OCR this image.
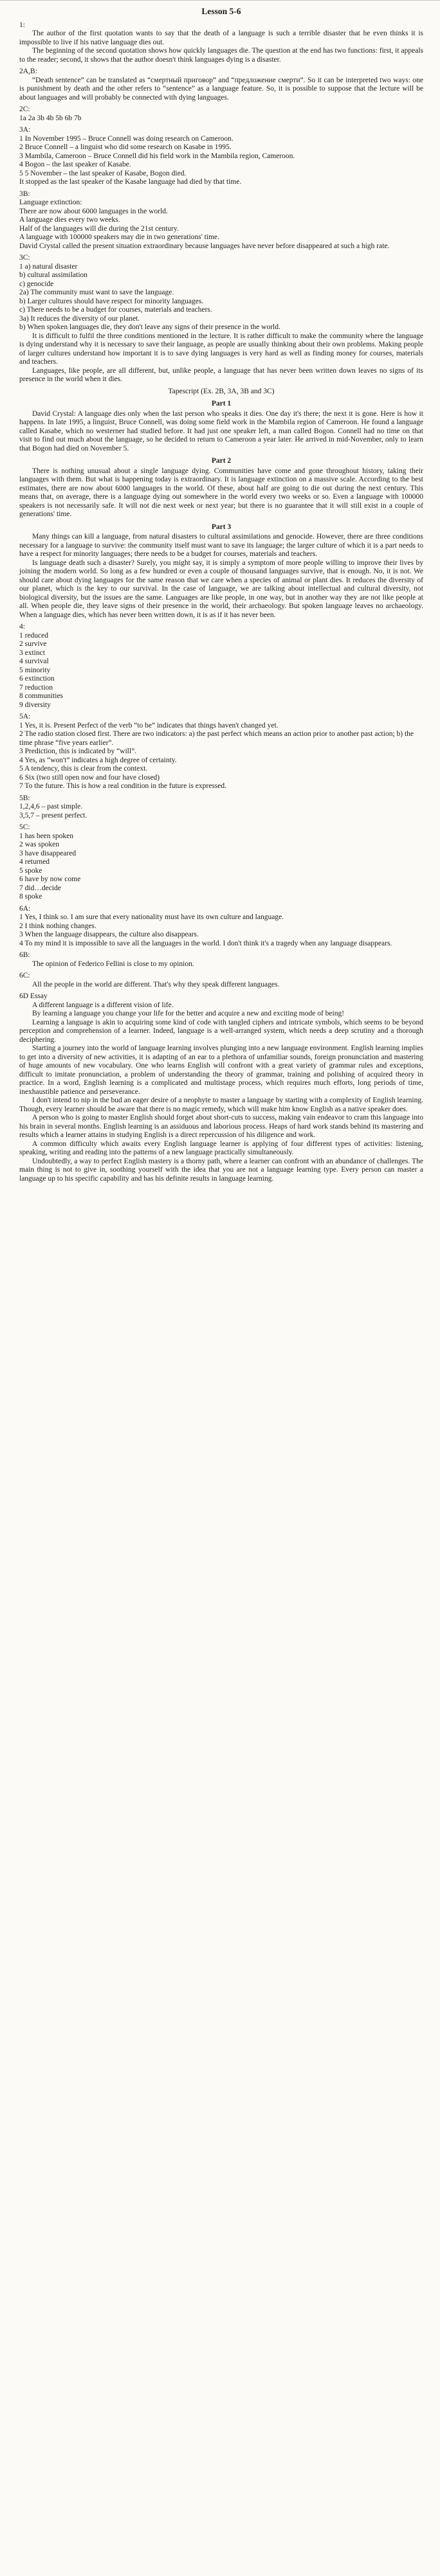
Lesson 5-6
1:
The author of the first quotation wants to say that the death of a language is such a terrible disaster that he even thinks it is impossible to live if his native language dies out.
The beginning of the second quotation shows how quickly languages die. The question at the end has two functions: first, it appeals to the reader; second, it shows that the author doesn't think languages dying is a disaster.
2A,B:
“Death sentence” can be translated as “смертный приговор” and “предложение смерти”. So it can be interpreted two ways: one is punishment by death and the other refers to “sentence” as a language feature. So, it is possible to suppose that the lecture will be about languages and will probably be connected with dying languages.
2C:
1a 2a 3b 4b 5b 6b 7b
3A:
1 In November 1995 – Bruce Connell was doing research on Cameroon.
2 Bruce Connell – a linguist who did some research on Kasabe in 1995.
3 Mambila, Cameroon – Bruce Connell did his field work in the Mambila region, Cameroon.
4 Bogon – the last speaker of Kasabe.
5 5 November – the last speaker of Kasabe, Bogon died.
It stopped as the last speaker of the Kasabe language had died by that time.
3B:
Language extinction:
There are now about 6000 languages in the world.
A language dies every two weeks.
Half of the languages will die during the 21st century.
A language with 100000 speakers may die in two generations' time.
David Crystal called the present situation extraordinary because languages have never before disappeared at such a high rate.
3C:
1 a) natural disaster
b) cultural assimilation
c) genocide
2a) The community must want to save the language.
b) Larger cultures should have respect for minority languages.
c) There needs to be a budget for courses, materials and teachers.
3a) It reduces the diversity of our planet.
b) When spoken languages die, they don't leave any signs of their presence in the world.
It is difficult to fulfil the three conditions mentioned in the lecture. It is rather difficult to make the community where the language is dying understand why it is necessary to save their language, as people are usually thinking about their own problems. Making people of larger cultures understand how important it is to save dying languages is very hard as well as finding money for courses, materials and teachers.
Languages, like people, are all different, but, unlike people, a language that has never been written down leaves no signs of its presence in the world when it dies.
Tapescript (Ex. 2B, 3A, 3B and 3C)
Part 1
David Crystal: A language dies only when the last person who speaks it dies. One day it's there; the next it is gone. Here is how it happens. In late 1995, a linguist, Bruce Connell, was doing some field work in the Mambila region of Cameroon. He found a language called Kasabe, which no westerner had studied before. It had just one speaker left, a man called Bogon. Connell had no time on that visit to find out much about the language, so he decided to return to Cameroon a year later. He arrived in mid-November, only to learn that Bogon had died on November 5.
Part 2
There is nothing unusual about a single language dying. Communities have come and gone throughout history, taking their languages with them. But what is happening today is extraordinary. It is language extinction on a massive scale. According to the best estimates, there are now about 6000 languages in the world. Of these, about half are going to die out during the next century. This means that, on average, there is a language dying out somewhere in the world every two weeks or so. Even a language with 100000 speakers is not necessarily safe. It will not die next week or next year; but there is no guarantee that it will still exist in a couple of generations' time.
Part 3
Many things can kill a language, from natural disasters to cultural assimilations and genocide. However, there are three conditions necessary for a language to survive: the community itself must want to save its language; the larger culture of which it is a part needs to have a respect for minority languages; there needs to be a budget for courses, materials and teachers.
Is language death such a disaster? Surely, you might say, it is simply a symptom of more people willing to improve their lives by joining the modern world. So long as a few hundred or even a couple of thousand languages survive, that is enough. No, it is not. We should care about dying languages for the same reason that we care when a species of animal or plant dies. It reduces the diversity of our planet, which is the key to our survival. In the case of language, we are talking about intellectual and cultural diversity, not biological diversity, but the issues are the same. Languages are like people, in one way, but in another way they are not like people at all. When people die, they leave signs of their presence in the world, their archaeology. But spoken language leaves no archaeology. When a language dies, which has never been written down, it is as if it has never been.
4:
1 reduced
2 survive
3 extinct
4 survival
5 minority
6 extinction
7 reduction
8 communities
9 diversity
5A:
1 Yes, it is. Present Perfect of the verb “to be” indicates that things haven't changed yet.
2 The radio station closed first. There are two indicators: a) the past perfect which means an action prior to another past action; b) the time phrase “five years earlier”.
3 Prediction, this is indicated by “will”.
4 Yes, as “won't” indicates a high degree of certainty.
5 A tendency, this is clear from the context.
6 Six (two still open now and four have closed)
7 To the future. This is how a real condition in the future is expressed.
5B:
1,2,4,6 – past simple.
3,5,7 – present perfect.
5C:
1 has been spoken
2 was spoken
3 have disappeared
4 returned
5 spoke
6 have by now come
7 did…decide
8 spoke
6A:
1 Yes, I think so. I am sure that every nationality must have its own culture and language.
2 I think nothing changes.
3 When the language disappears, the culture also disappears.
4 To my mind it is impossible to save all the languages in the world. I don't think it's a tragedy when any language disappears.
6B:
The opinion of Federico Fellini is close to my opinion.
6C:
All the people in the world are different. That's why they speak different languages.
6D Essay
A different language is a different vision of life.
By learning a language you change your life for the better and acquire a new and exciting mode of being!
Learning a language is akin to acquiring some kind of code with tangled ciphers and intricate symbols, which seems to be beyond perception and comprehension of a learner. Indeed, language is a well-arranged system, which needs a deep scrutiny and a thorough deciphering.
Starting a journey into the world of language learning involves plunging into a new language environment. English learning implies to get into a diversity of new activities, it is adapting of an ear to a plethora of unfamiliar sounds, foreign pronunciation and mastering of huge amounts of new vocabulary. One who learns English will confront with a great variety of grammar rules and exceptions, difficult to imitate pronunciation, a problem of understanding the theory of grammar, training and polishing of acquired theory in practice. In a word, English learning is a complicated and multistage process, which requires much efforts, long periods of time, inexhaustible patience and perseverance.
I don't intend to nip in the bud an eager desire of a neophyte to master a language by starting with a complexity of English learning. Though, every learner should be aware that there is no magic remedy, which will make him know English as a native speaker does.
A person who is going to master English should forget about short-cuts to success, making vain endeavor to cram this language into his brain in several months. English learning is an assiduous and laborious process. Heaps of hard work stands behind its mastering and results which a learner attains in studying English is a direct repercussion of his diligence and work.
A common difficulty which awaits every English language learner is applying of four different types of activities: listening, speaking, writing and reading into the patterns of a new language practically simultaneously.
Undoubtedly, a way to perfect English mastery is a thorny path, where a learner can confront with an abundance of challenges. The main thing is not to give in, soothing yourself with the idea that you are not a language learning type. Every person can master a language up to his specific capability and has his definite results in language learning.
